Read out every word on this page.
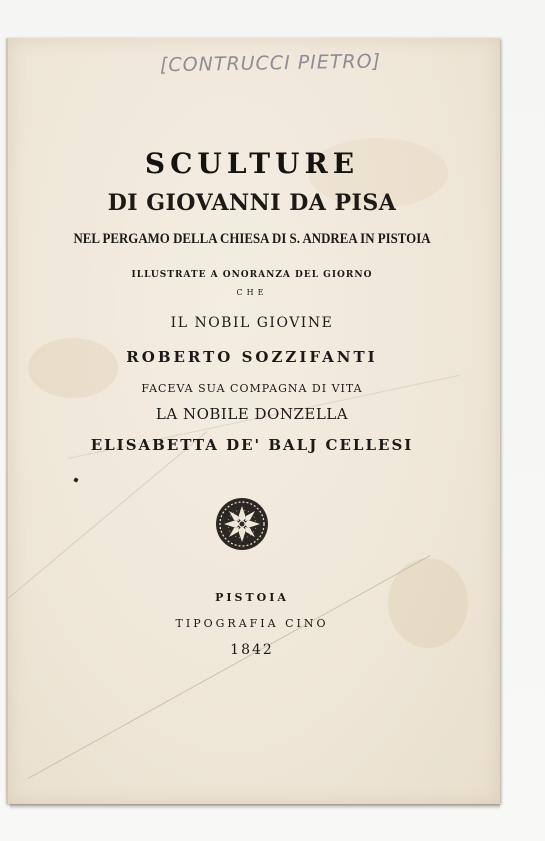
[CONTRUCCI PIETRO]
SCULTURE
DI GIOVANNI DA PISA
NEL PERGAMO DELLA CHIESA DI S. ANDREA IN PISTOIA
ILLUSTRATE A ONORANZA DEL GIORNO
CHE
IL NOBIL GIOVINE
ROBERTO SOZZIFANTI
FACEVA SUA COMPAGNA DI VITA
LA NOBILE DONZELLA
ELISABETTA DE' BALJ CELLESI
PISTOIA
TIPOGRAFIA CINO
1842
